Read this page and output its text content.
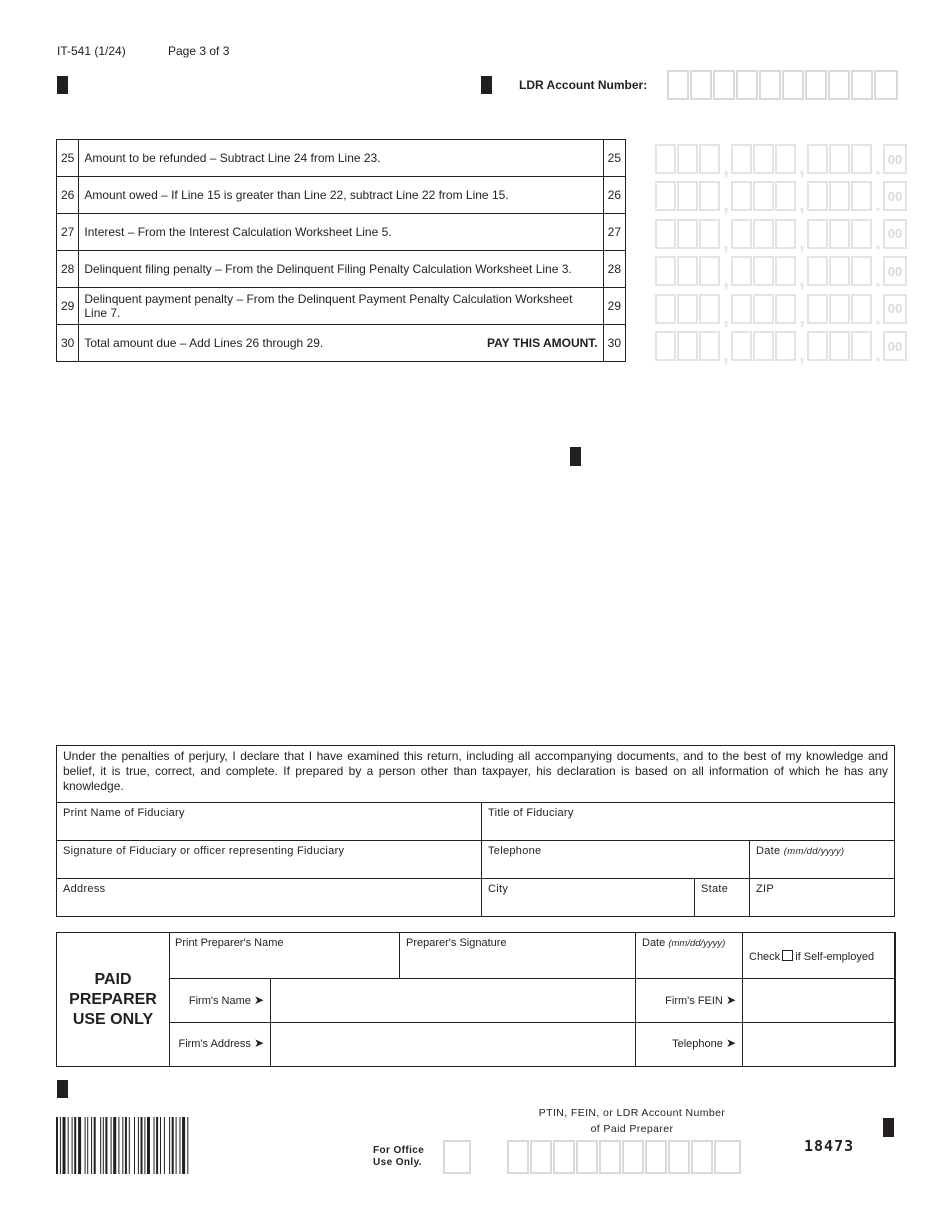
IT-541 (1/24)	Page 3 of 3
LDR Account Number:
25	Amount to be refunded – Subtract Line 24 from Line 23.	25
26	Amount owed – If Line 15 is greater than Line 22, subtract Line 22 from Line 15.	26
27	Interest – From the Interest Calculation Worksheet Line 5.	27
28	Delinquent filing penalty – From the Delinquent Filing Penalty Calculation Worksheet Line 3.	28
29	Delinquent payment penalty – From the Delinquent Payment Penalty Calculation Worksheet Line 7.	29
30	Total amount due – Add Lines 26 through 29. PAY THIS AMOUNT.	30
,	,	. 00
,	,	. 00
,	,	. 00
,	,	. 00
,	,	. 00
,	,	. 00
Under the penalties of perjury, I declare that I have examined this return, including all accompanying documents, and to the best of my knowledge and belief, it is true, correct, and complete. If prepared by a person other than taxpayer, his declaration is based on all information of which he has any knowledge.
Print Name of Fiduciary	Title of Fiduciary
Signature of Fiduciary or officer representing Fiduciary	Telephone	Date (mm/dd/yyyy)
Address	City	State	ZIP
PAID
PREPARER
USE ONLY
Print Preparer's Name	Preparer's Signature	Date (mm/dd/yyyy)
Check if Self-employed
Firm's Name ➤	Firm's FEIN ➤
Firm's Address ➤	Telephone ➤
For Office
Use Only.
PTIN, FEIN, or LDR Account Number
of Paid Preparer
18473
